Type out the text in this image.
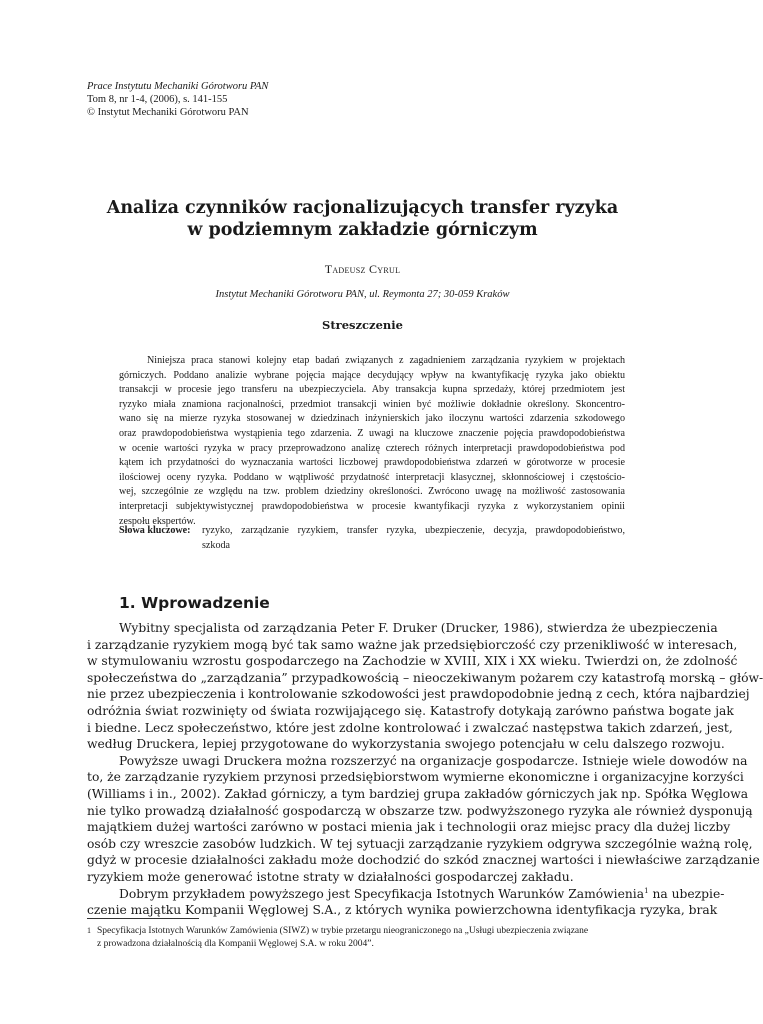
Prace Instytutu Mechaniki Górotworu PAN
Tom 8, nr 1-4, (2006), s. 141-155
© Instytut Mechaniki Górotworu PAN
Analiza czynników racjonalizujących transfer ryzyka
w podziemnym zakładzie górniczym
Tadeusz Cyrul
Instytut Mechaniki Górotworu PAN, ul. Reymonta 27; 30-059 Kraków
Streszczenie
Niniejsza praca stanowi kolejny etap badań związanych z zagadnieniem zarządzania ryzykiem w projektach
górniczych. Poddano analizie wybrane pojęcia mające decydujący wpływ na kwantyfikację ryzyka jako obiektu
transakcji w procesie jego transferu na ubezpieczyciela. Aby transakcja kupna sprzedaży, której przedmiotem jest
ryzyko miała znamiona racjonalności, przedmiot transakcji winien być możliwie dokładnie określony. Skoncentro-
wano się na mierze ryzyka stosowanej w dziedzinach inżynierskich jako iloczynu wartości zdarzenia szkodowego
oraz prawdopodobieństwa wystąpienia tego zdarzenia. Z uwagi na kluczowe znaczenie pojęcia prawdopodobieństwa
w ocenie wartości ryzyka w pracy przeprowadzono analizę czterech różnych interpretacji prawdopodobieństwa pod
kątem ich przydatności do wyznaczania wartości liczbowej prawdopodobieństwa zdarzeń w górotworze w procesie
ilościowej oceny ryzyka. Poddano w wątpliwość przydatność interpretacji klasycznej, skłonnościowej i częstościo-
wej, szczególnie ze względu na tzw. problem dziedziny określoności. Zwrócono uwagę na możliwość zastosowania
interpretacji subjektywistycznej prawdopodobieństwa w procesie kwantyfikacji ryzyka z wykorzystaniem opinii
zespołu ekspertów.
Słowa kluczowe: ryzyko, zarządzanie ryzykiem, transfer ryzyka, ubezpieczenie, decyzja, prawdopodobieństwo,
szkoda
1. Wprowadzenie
Wybitny specjalista od zarządzania Peter F. Druker (Drucker, 1986), stwierdza że ubezpieczenia
i zarządzanie ryzykiem mogą być tak samo ważne jak przedsiębiorczość czy przenikliwość w interesach,
w stymulowaniu wzrostu gospodarczego na Zachodzie w XVIII, XIX i XX wieku. Twierdzi on, że zdolność
społeczeństwa do „zarządzania” przypadkowością – nieoczekiwanym pożarem czy katastrofą morską – głów-
nie przez ubezpieczenia i kontrolowanie szkodowości jest prawdopodobnie jedną z cech, która najbardziej
odróżnia świat rozwinięty od świata rozwijającego się. Katastrofy dotykają zarówno państwa bogate jak
i biedne. Lecz społeczeństwo, które jest zdolne kontrolować i zwalczać następstwa takich zdarzeń, jest,
według Druckera, lepiej przygotowane do wykorzystania swojego potencjału w celu dalszego rozwoju.
Powyższe uwagi Druckera można rozszerzyć na organizacje gospodarcze. Istnieje wiele dowodów na
to, że zarządzanie ryzykiem przynosi przedsiębiorstwom wymierne ekonomiczne i organizacyjne korzyści
(Williams i in., 2002). Zakład górniczy, a tym bardziej grupa zakładów górniczych jak np. Spółka Węglowa
nie tylko prowadzą działalność gospodarczą w obszarze tzw. podwyższonego ryzyka ale również dysponują
majątkiem dużej wartości zarówno w postaci mienia jak i technologii oraz miejsc pracy dla dużej liczby
osób czy wreszcie zasobów ludzkich. W tej sytuacji zarządzanie ryzykiem odgrywa szczególnie ważną rolę,
gdyż w procesie działalności zakładu może dochodzić do szkód znacznej wartości i niewłaściwe zarządzanie
ryzykiem może generować istotne straty w działalności gospodarczej zakładu.
Dobrym przykładem powyższego jest Specyfikacja Istotnych Warunków Zamówienia$^1$ na ubezpie-
czenie majątku Kompanii Węglowej S.A., z których wynika powierzchowna identyfikacja ryzyka, brak
1 Specyfikacja Istotnych Warunków Zamówienia (SIWZ) w trybie przetargu nieograniczonego na „Usługi ubezpieczenia związane
z prowadzona działalnością dla Kompanii Węglowej S.A. w roku 2004”.
